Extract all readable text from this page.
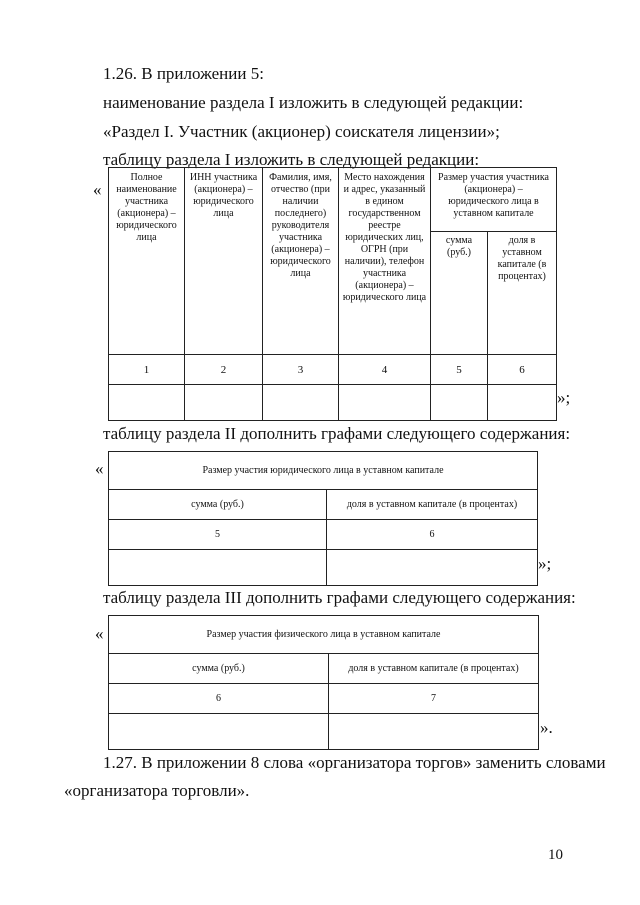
1.26. В приложении 5:
наименование раздела I изложить в следующей редакции:
«Раздел I. Участник (акционер) соискателя лицензии»;
таблицу раздела I изложить в следующей редакции:
«
Полное наименование участника (акционера) – юридического лица	ИНН участника (акционера) – юридического лица	Фамилия, имя, отчество (при наличии последнего) руководителя участника (акционера) – юридического лица	Место нахождения и адрес, указанный в едином государственном реестре юридических лиц, ОГРН (при наличии), телефон участника (акционера) – юридического лица	Размер участия участника (акционера) – юридического лица в уставном капитале	
				сумма (руб.)	доля в уставном капитале (в процентах)
1	2	3	4	5	6

»;
таблицу раздела II дополнить графами следующего содержания:
«	Размер участия юридического лица в уставном капитале	
сумма (руб.)	доля в уставном капитале (в процентах)
5	6

»;
таблицу раздела III дополнить графами следующего содержания:
«	Размер участия физического лица в уставном капитале	
сумма (руб.)	доля в уставном капитале (в процентах)
6	7

».
1.27. В приложении 8 слова «организатора торгов» заменить словами
«организатора торговли».
10
